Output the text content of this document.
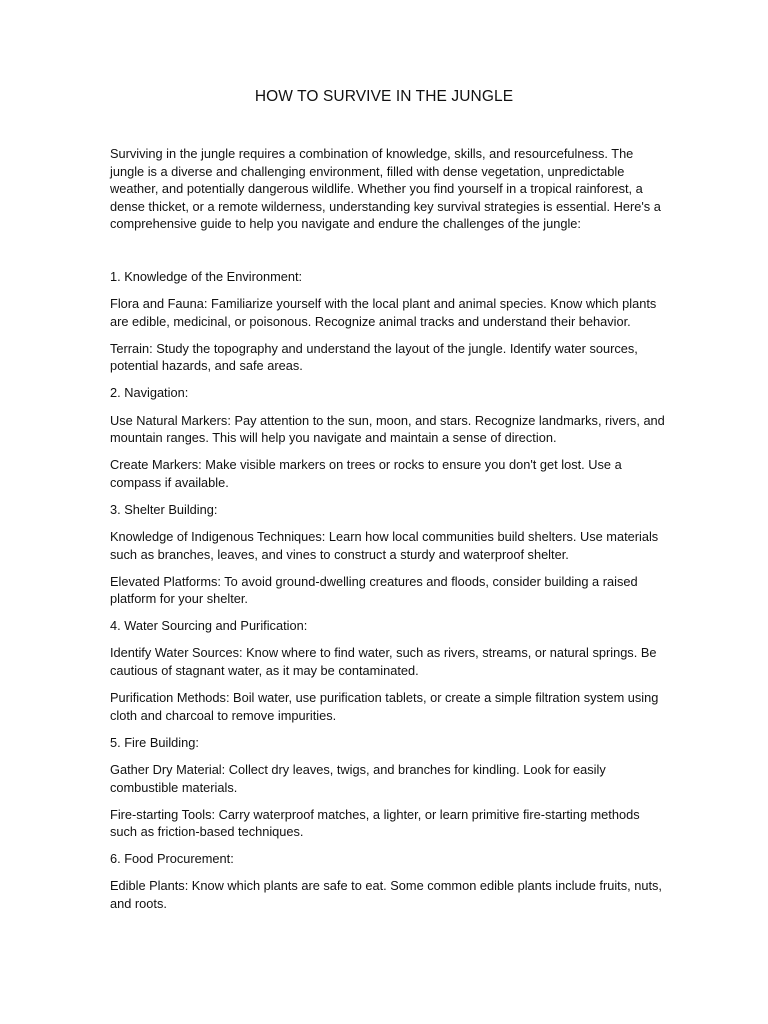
HOW TO SURVIVE IN THE JUNGLE

Surviving in the jungle requires a combination of knowledge, skills, and resourcefulness. The jungle is a diverse and challenging environment, filled with dense vegetation, unpredictable weather, and potentially dangerous wildlife. Whether you find yourself in a tropical rainforest, a dense thicket, or a remote wilderness, understanding key survival strategies is essential. Here's a comprehensive guide to help you navigate and endure the challenges of the jungle:

1. Knowledge of the Environment:

Flora and Fauna: Familiarize yourself with the local plant and animal species. Know which plants are edible, medicinal, or poisonous. Recognize animal tracks and understand their behavior.

Terrain: Study the topography and understand the layout of the jungle. Identify water sources, potential hazards, and safe areas.

2. Navigation:

Use Natural Markers: Pay attention to the sun, moon, and stars. Recognize landmarks, rivers, and mountain ranges. This will help you navigate and maintain a sense of direction.

Create Markers: Make visible markers on trees or rocks to ensure you don't get lost. Use a compass if available.

3. Shelter Building:

Knowledge of Indigenous Techniques: Learn how local communities build shelters. Use materials such as branches, leaves, and vines to construct a sturdy and waterproof shelter.

Elevated Platforms: To avoid ground-dwelling creatures and floods, consider building a raised platform for your shelter.

4. Water Sourcing and Purification:

Identify Water Sources: Know where to find water, such as rivers, streams, or natural springs. Be cautious of stagnant water, as it may be contaminated.

Purification Methods: Boil water, use purification tablets, or create a simple filtration system using cloth and charcoal to remove impurities.

5. Fire Building:

Gather Dry Material: Collect dry leaves, twigs, and branches for kindling. Look for easily combustible materials.

Fire-starting Tools: Carry waterproof matches, a lighter, or learn primitive fire-starting methods such as friction-based techniques.

6. Food Procurement:

Edible Plants: Know which plants are safe to eat. Some common edible plants include fruits, nuts, and roots.
